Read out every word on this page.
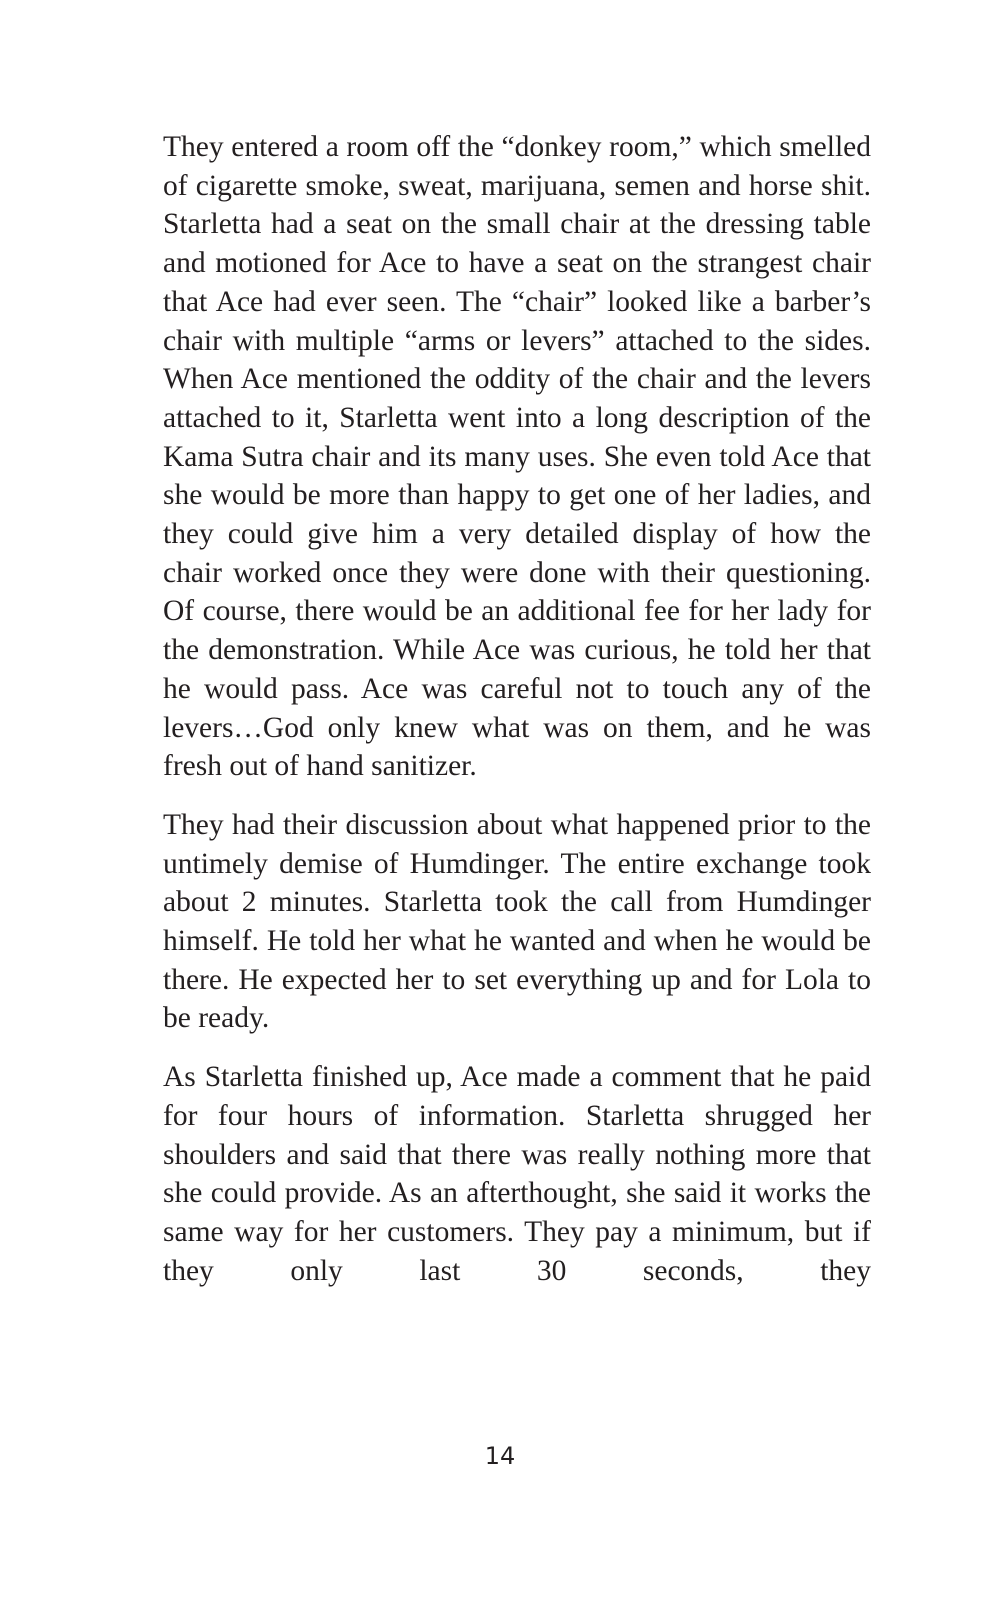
They entered a room off the “donkey room,” which smelled of cigarette smoke, sweat, marijuana, semen and horse shit. Starletta had a seat on the small chair at the dressing table and motioned for Ace to have a seat on the strangest chair that Ace had ever seen. The “chair” looked like a barber’s chair with multiple “arms or levers” attached to the sides. When Ace mentioned the oddity of the chair and the levers attached to it, Starletta went into a long description of the Kama Sutra chair and its many uses. She even told Ace that she would be more than happy to get one of her ladies, and they could give him a very detailed display of how the chair worked once they were done with their questioning. Of course, there would be an additional fee for her lady for the demonstration. While Ace was curious, he told her that he would pass. Ace was careful not to touch any of the levers…God only knew what was on them, and he was fresh out of hand sanitizer.

They had their discussion about what happened prior to the untimely demise of Humdinger. The entire exchange took about 2 minutes. Starletta took the call from Humdinger himself. He told her what he wanted and when he would be there. He expected her to set everything up and for Lola to be ready.

As Starletta finished up, Ace made a comment that he paid for four hours of information. Starletta shrugged her shoulders and said that there was really nothing more that she could provide. As an afterthought, she said it works the same way for her customers. They pay a minimum, but if they only last 30 seconds, they

14
